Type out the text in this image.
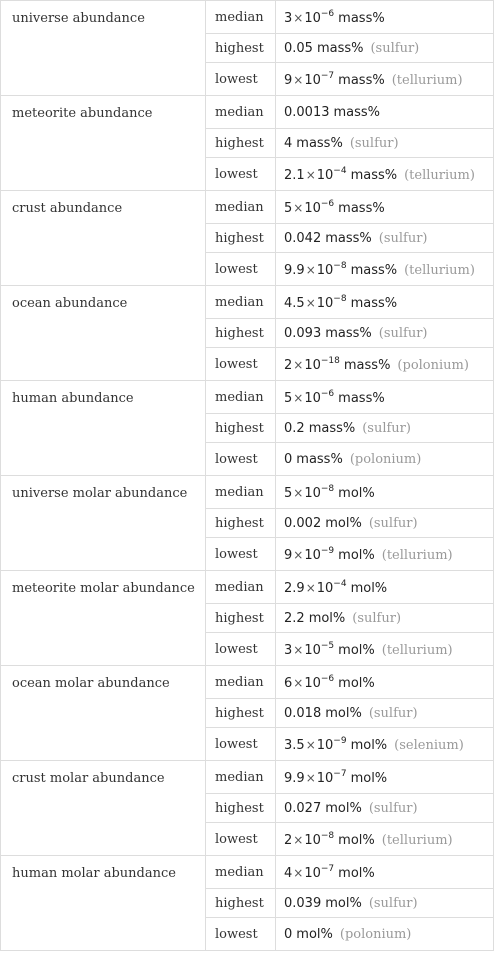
universe abundance	median	$3\times 10^{-6}$ mass%
	highest	0.05 mass% (sulfur)
	lowest	$9\times 10^{-7}$ mass% (tellurium)
meteorite abundance	median	0.0013 mass%
	highest	4 mass% (sulfur)
	lowest	$2.1\times 10^{-4}$ mass% (tellurium)
crust abundance	median	$5\times 10^{-6}$ mass%
	highest	0.042 mass% (sulfur)
	lowest	$9.9\times 10^{-8}$ mass% (tellurium)
ocean abundance	median	$4.5\times 10^{-8}$ mass%
	highest	0.093 mass% (sulfur)
	lowest	$2\times 10^{-18}$ mass% (polonium)
human abundance	median	$5\times 10^{-6}$ mass%
	highest	0.2 mass% (sulfur)
	lowest	0 mass% (polonium)
universe molar abundance	median	$5\times 10^{-8}$ mol%
	highest	0.002 mol% (sulfur)
	lowest	$9\times 10^{-9}$ mol% (tellurium)
meteorite molar abundance	median	$2.9\times 10^{-4}$ mol%
	highest	2.2 mol% (sulfur)
	lowest	$3\times 10^{-5}$ mol% (tellurium)
ocean molar abundance	median	$6\times 10^{-6}$ mol%
	highest	0.018 mol% (sulfur)
	lowest	$3.5\times 10^{-9}$ mol% (selenium)
crust molar abundance	median	$9.9\times 10^{-7}$ mol%
	highest	0.027 mol% (sulfur)
	lowest	$2\times 10^{-8}$ mol% (tellurium)
human molar abundance	median	$4\times 10^{-7}$ mol%
	highest	0.039 mol% (sulfur)
	lowest	0 mol% (polonium)
